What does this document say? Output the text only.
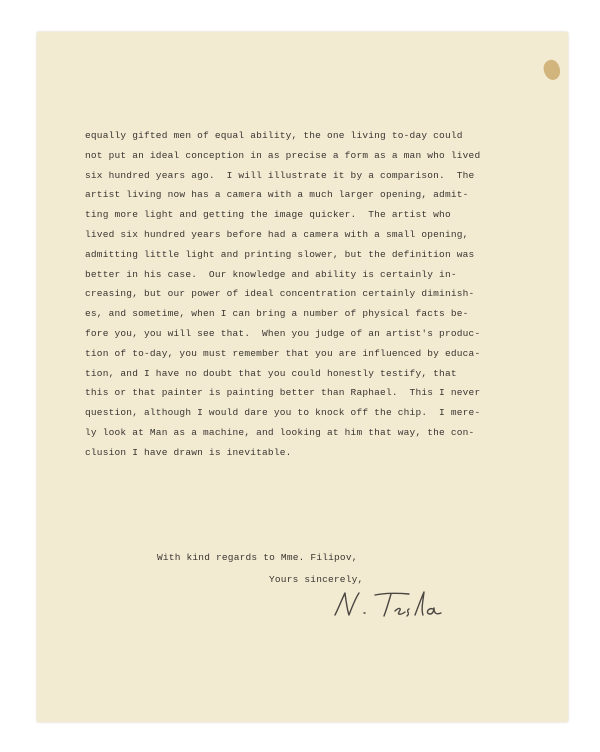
equally gifted men of equal ability, the one living to-day could
not put an ideal conception in as precise a form as a man who lived
six hundred years ago.  I will illustrate it by a comparison.  The
artist living now has a camera with a much larger opening, admit-
ting more light and getting the image quicker.  The artist who
lived six hundred years before had a camera with a small opening,
admitting little light and printing slower, but the definition was
better in his case.  Our knowledge and ability is certainly in-
creasing, but our power of ideal concentration certainly diminish-
es, and sometime, when I can bring a number of physical facts be-
fore you, you will see that.  When you judge of an artist's produc-
tion of to-day, you must remember that you are influenced by educa-
tion, and I have no doubt that you could honestly testify, that
this or that painter is painting better than Raphael.  This I never
question, although I would dare you to knock off the chip.  I mere-
ly look at Man as a machine, and looking at him that way, the con-
clusion I have drawn is inevitable.
With kind regards to Mme. Filipov,
Yours sincerely,
